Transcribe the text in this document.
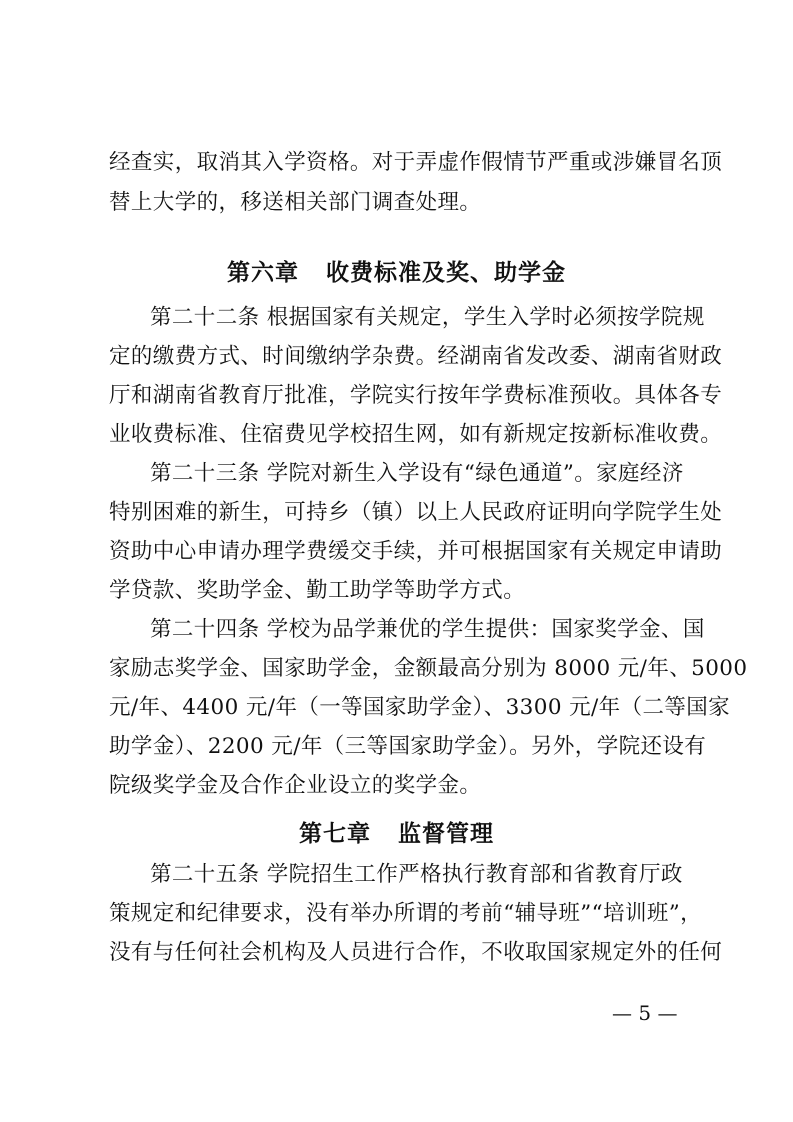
经查实，取消其入学资格。对于弄虚作假情节严重或涉嫌冒名顶
替上大学的，移送相关部门调查处理。
第六章   收费标准及奖、助学金
第二十二条 根据国家有关规定，学生入学时必须按学院规
定的缴费方式、时间缴纳学杂费。经湖南省发改委、湖南省财政
厅和湖南省教育厅批准，学院实行按年学费标准预收。具体各专
业收费标准、住宿费见学校招生网，如有新规定按新标准收费。
第二十三条 学院对新生入学设有“绿色通道”。家庭经济
特别困难的新生，可持乡（镇）以上人民政府证明向学院学生处
资助中心申请办理学费缓交手续，并可根据国家有关规定申请助
学贷款、奖助学金、勤工助学等助学方式。
第二十四条 学校为品学兼优的学生提供：国家奖学金、国
家励志奖学金、国家助学金，金额最高分别为 8000 元/年、5000
元/年、4400 元/年（一等国家助学金）、3300 元/年（二等国家
助学金）、2200 元/年（三等国家助学金）。另外，学院还设有
院级奖学金及合作企业设立的奖学金。
第七章   监督管理
第二十五条 学院招生工作严格执行教育部和省教育厅政
策规定和纪律要求，没有举办所谓的考前“辅导班”“培训班”，
没有与任何社会机构及人员进行合作，不收取国家规定外的任何
— 5 —
